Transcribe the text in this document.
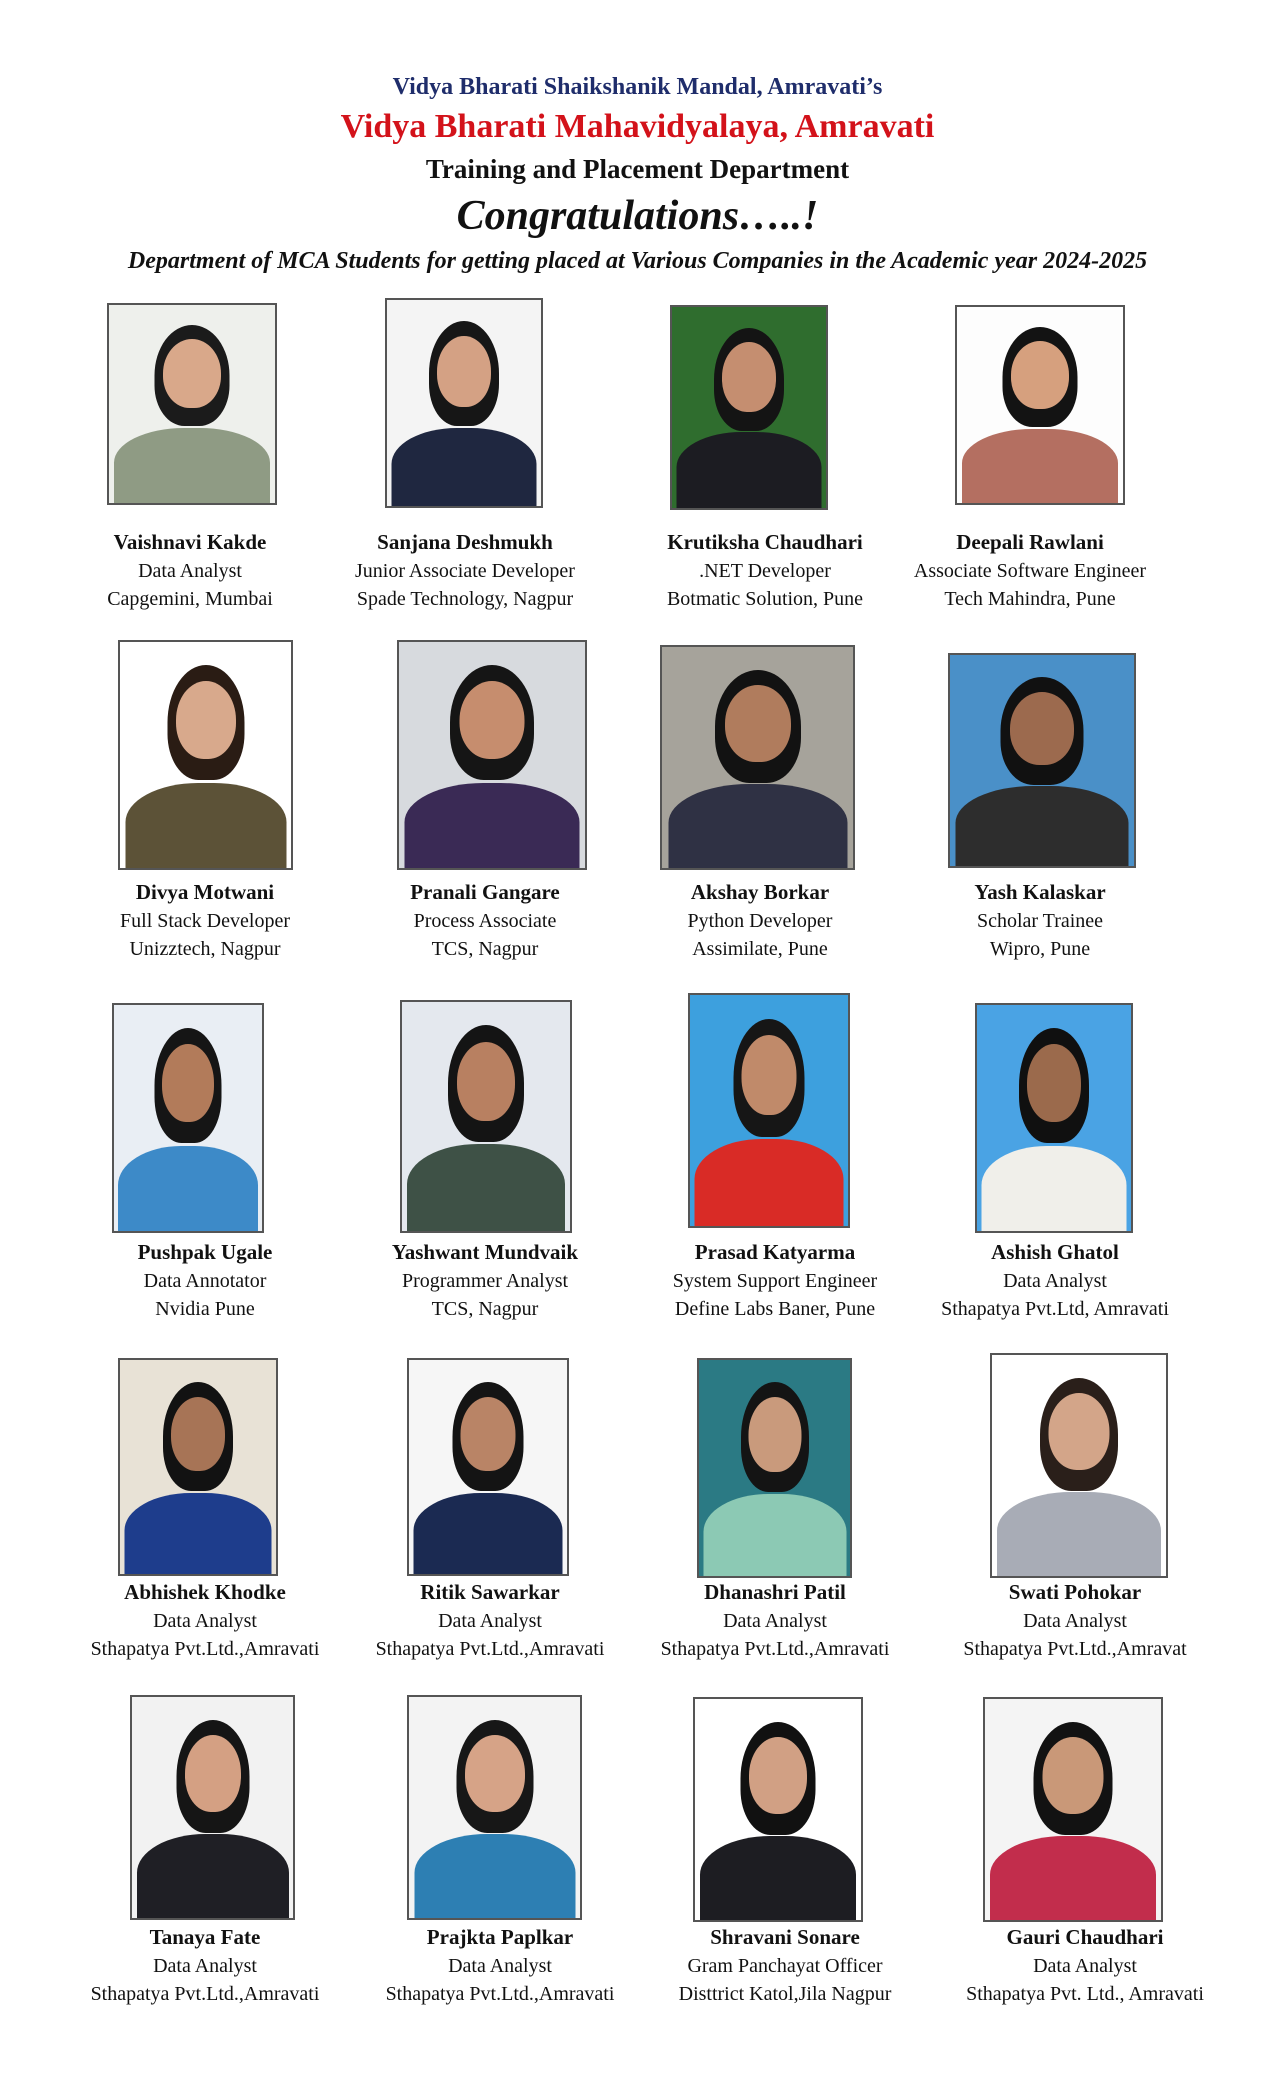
Vidya Bharati Shaikshanik Mandal, Amravati’s
Vidya Bharati Mahavidyalaya, Amravati
Training and Placement Department
Congratulations…..!
Department of MCA Students for getting placed at Various Companies in the Academic year 2024-2025
Vaishnavi Kakde
Data Analyst
Capgemini, Mumbai
Sanjana Deshmukh
Junior Associate Developer
Spade Technology, Nagpur
Krutiksha Chaudhari
.NET Developer
Botmatic Solution, Pune
Deepali Rawlani
Associate Software Engineer
Tech Mahindra, Pune
Divya Motwani
Full Stack Developer
Unizztech, Nagpur
Pranali Gangare
Process Associate
TCS, Nagpur
Akshay Borkar
Python Developer
Assimilate, Pune
Yash Kalaskar
Scholar Trainee
Wipro, Pune
Pushpak Ugale
Data Annotator
Nvidia Pune
Yashwant Mundvaik
Programmer Analyst
TCS, Nagpur
Prasad Katyarma
System Support Engineer
Define Labs Baner, Pune
Ashish Ghatol
Data Analyst
Sthapatya Pvt.Ltd, Amravati
Abhishek Khodke
Data Analyst
Sthapatya Pvt.Ltd.,Amravati
Ritik Sawarkar
Data Analyst
Sthapatya Pvt.Ltd.,Amravati
Dhanashri Patil
Data Analyst
Sthapatya Pvt.Ltd.,Amravati
Swati Pohokar
Data Analyst
Sthapatya Pvt.Ltd.,Amravat
Tanaya Fate
Data Analyst
Sthapatya Pvt.Ltd.,Amravati
Prajkta Paplkar
Data Analyst
Sthapatya Pvt.Ltd.,Amravati
Shravani Sonare
Gram Panchayat Officer
Disttrict Katol,Jila Nagpur
Gauri Chaudhari
Data Analyst
Sthapatya Pvt. Ltd., Amravati
